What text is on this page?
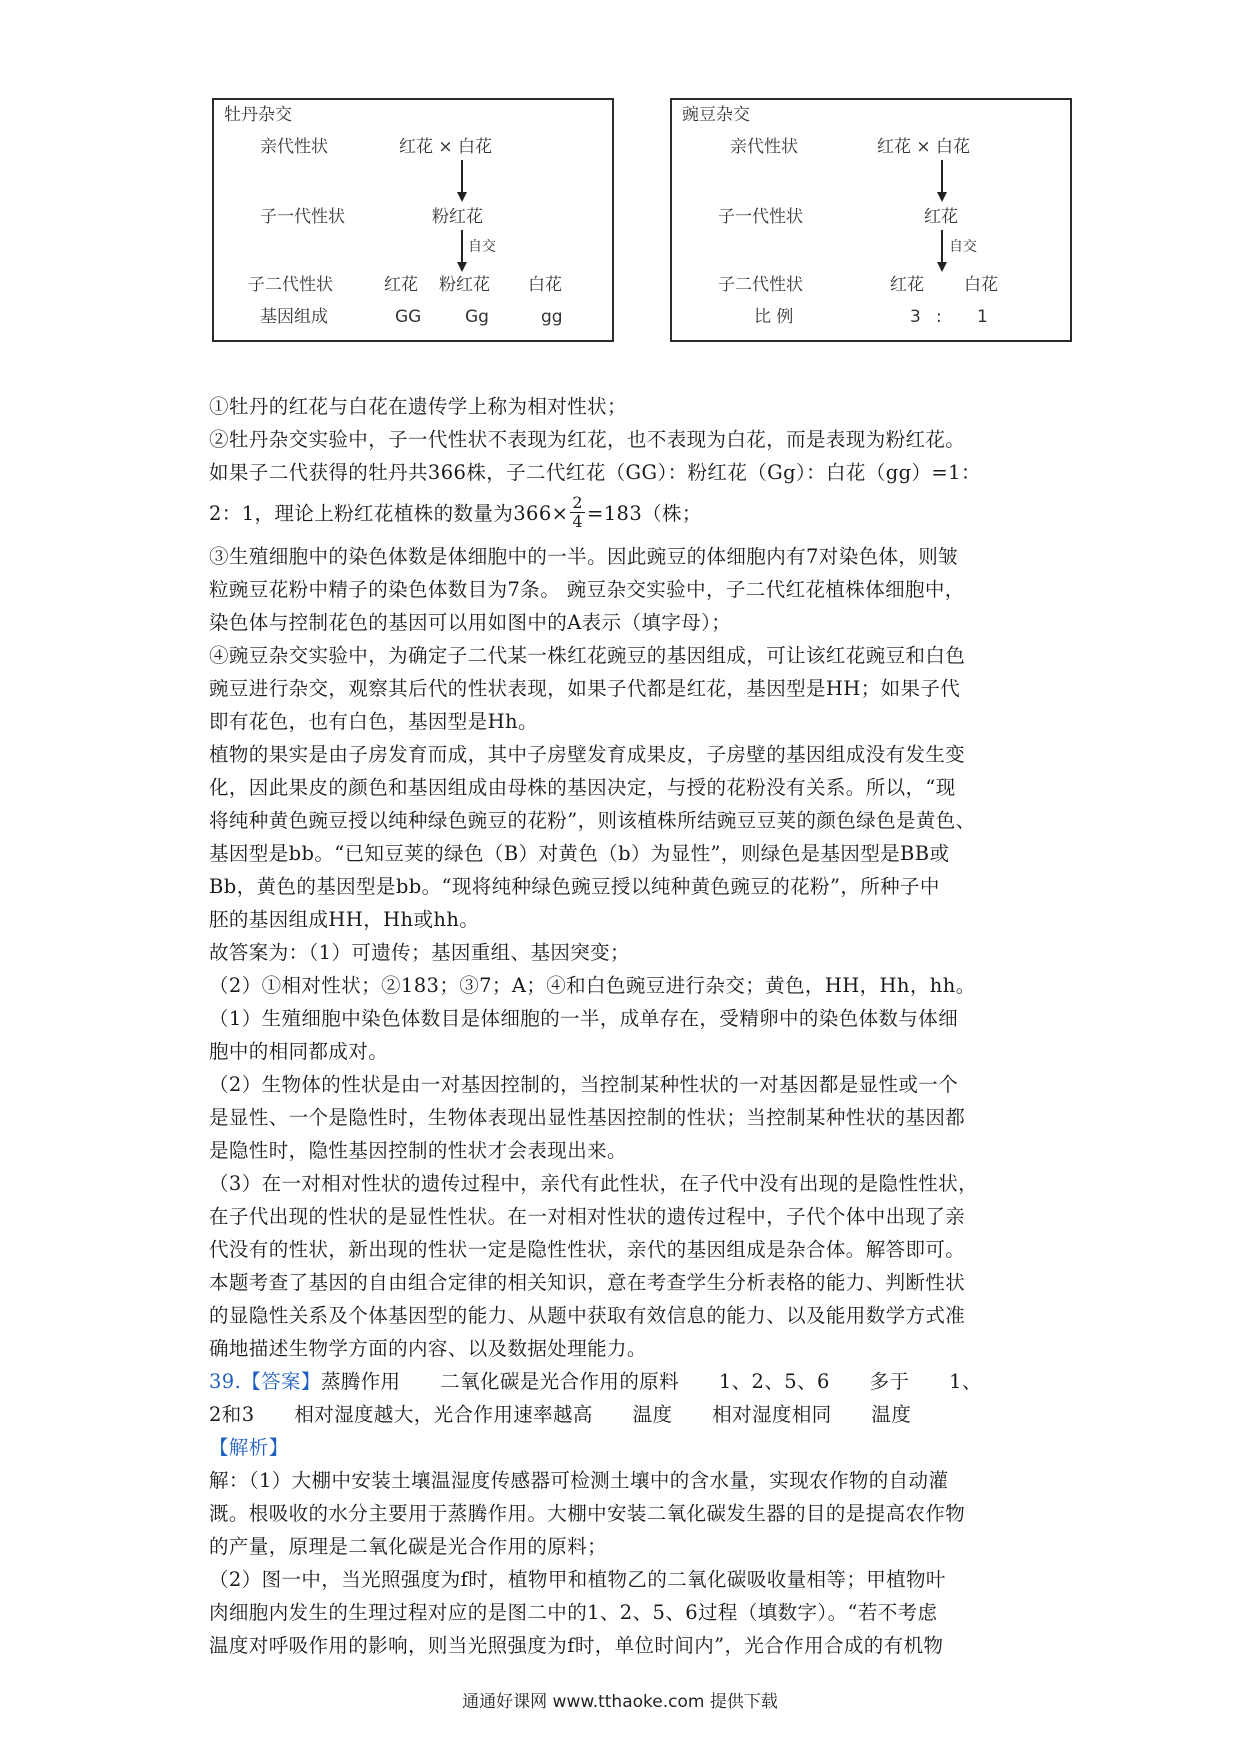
牡丹杂交
亲代性状	红花 × 白花
子一代性状	粉红花
自交
子二代性状	红花 粉红花 白花
基因组成	GG	Gg	gg
豌豆杂交
亲代性状	红花 × 白花
子一代性状	红花
自交
子二代性状	红花 白花
比 例	3 : 1
①牡丹的红花与白花在遗传学上称为相对性状；
②牡丹杂交实验中，子一代性状不表现为红花，也不表现为白花，而是表现为粉红花。
如果子二代获得的牡丹共366株，子二代红花（GG）：粉红花（Gg）：白花（gg）=1：
2：1，理论上粉红花植株的数量为$366\times \frac{2}{4} =183$（株；
③生殖细胞中的染色体数是体细胞中的一半。因此豌豆的体细胞内有7对染色体，则皱
粒豌豆花粉中精子的染色体数目为7条。 豌豆杂交实验中，子二代红花植株体细胞中，
染色体与控制花色的基因可以用如图中的A表示（填字母）；
④豌豆杂交实验中，为确定子二代某一株红花豌豆的基因组成，可让该红花豌豆和白色
豌豆进行杂交，观察其后代的性状表现，如果子代都是红花，基因型是HH；如果子代
即有花色，也有白色，基因型是Hh。
植物的果实是由子房发育而成，其中子房壁发育成果皮，子房壁的基因组成没有发生变
化，因此果皮的颜色和基因组成由母株的基因决定，与授的花粉没有关系。所以，“现
将纯种黄色豌豆授以纯种绿色豌豆的花粉”，则该植株所结豌豆豆荚的颜色绿色是黄色、
基因型是bb。“已知豆荚的绿色（B）对黄色（b）为显性”，则绿色是基因型是BB或
Bb，黄色的基因型是bb。“现将纯种绿色豌豆授以纯种黄色豌豆的花粉”，所种子中
胚的基因组成HH，Hh或hh。
故答案为：（1）可遗传；基因重组、基因突变；
（2）①相对性状；②183；③7；A；④和白色豌豆进行杂交；黄色，HH，Hh，hh。
（1）生殖细胞中染色体数目是体细胞的一半，成单存在，受精卵中的染色体数与体细
胞中的相同都成对。
（2）生物体的性状是由一对基因控制的，当控制某种性状的一对基因都是显性或一个
是显性、一个是隐性时，生物体表现出显性基因控制的性状；当控制某种性状的基因都
是隐性时，隐性基因控制的性状才会表现出来。
（3）在一对相对性状的遗传过程中，亲代有此性状，在子代中没有出现的是隐性性状，
在子代出现的性状的是显性性状。在一对相对性状的遗传过程中，子代个体中出现了亲
代没有的性状，新出现的性状一定是隐性性状，亲代的基因组成是杂合体。解答即可。
本题考查了基因的自由组合定律的相关知识，意在考查学生分析表格的能力、判断性状
的显隐性关系及个体基因型的能力、从题中获取有效信息的能力、以及能用数学方式准
确地描述生物学方面的内容、以及数据处理能力。
39.【答案】蒸腾作用　　二氧化碳是光合作用的原料　　1、2、5、6　　多于　　1、
2和3　　相对湿度越大，光合作用速率越高　　温度　　相对湿度相同　　温度
【解析】
解：（1）大棚中安装土壤温湿度传感器可检测土壤中的含水量，实现农作物的自动灌
溉。根吸收的水分主要用于蒸腾作用。大棚中安装二氧化碳发生器的目的是提高农作物
的产量，原理是二氧化碳是光合作用的原料；
（2）图一中，当光照强度为f时，植物甲和植物乙的二氧化碳吸收量相等；甲植物叶
肉细胞内发生的生理过程对应的是图二中的1、2、5、6过程（填数字）。“若不考虑
温度对呼吸作用的影响，则当光照强度为f时，单位时间内”，光合作用合成的有机物
通通好课网 www.tthaoke.com 提供下载
